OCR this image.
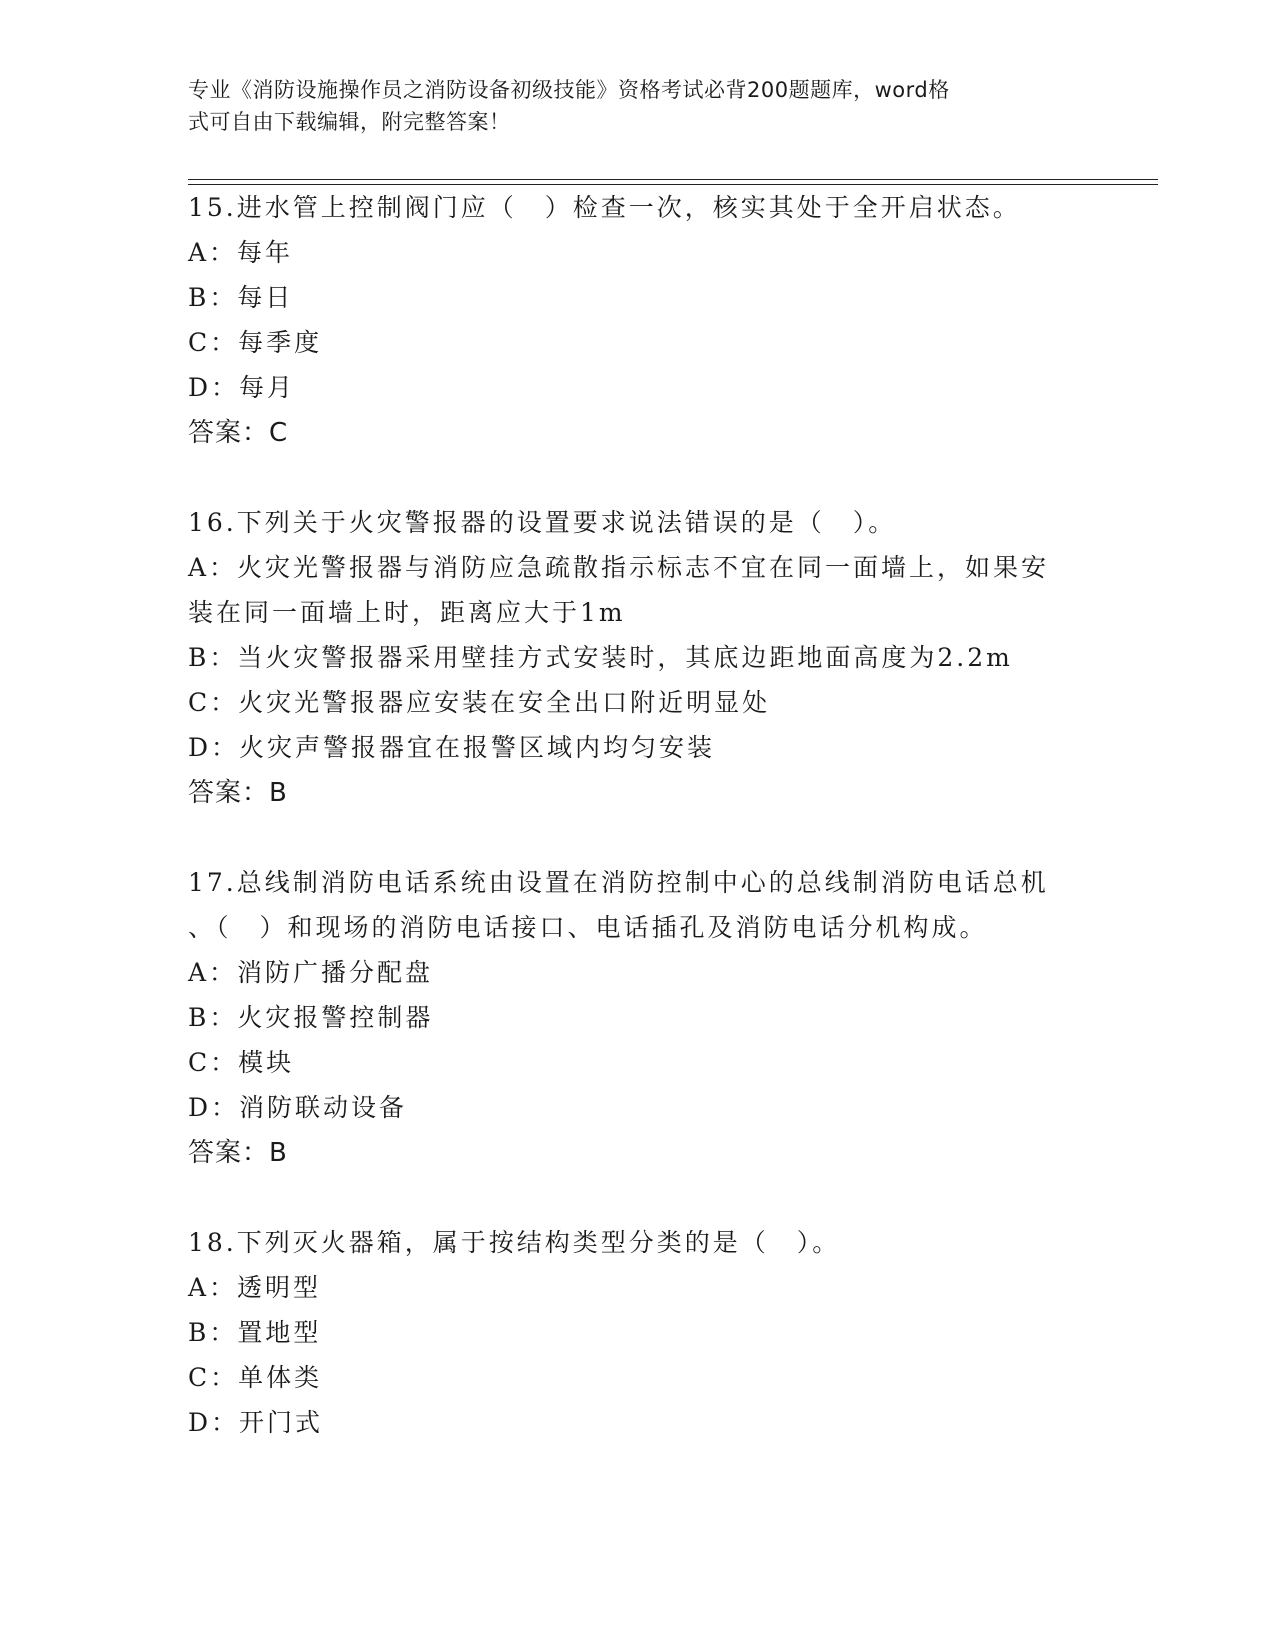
专业《消防设施操作员之消防设备初级技能》资格考试必背200题题库，word格
式可自由下载编辑，附完整答案！
15.进水管上控制阀门应（　）检查一次，核实其处于全开启状态。
A：每年
B：每日
C：每季度
D：每月
答案：C
16.下列关于火灾警报器的设置要求说法错误的是（　）。
A：火灾光警报器与消防应急疏散指示标志不宜在同一面墙上，如果安
装在同一面墙上时，距离应大于1m
B：当火灾警报器采用壁挂方式安装时，其底边距地面高度为2.2m
C：火灾光警报器应安装在安全出口附近明显处
D：火灾声警报器宜在报警区域内均匀安装
答案：B
17.总线制消防电话系统由设置在消防控制中心的总线制消防电话总机
、（　）和现场的消防电话接口、电话插孔及消防电话分机构成。
A：消防广播分配盘
B：火灾报警控制器
C：模块
D：消防联动设备
答案：B
18.下列灭火器箱，属于按结构类型分类的是（　）。
A：透明型
B：置地型
C：单体类
D：开门式
